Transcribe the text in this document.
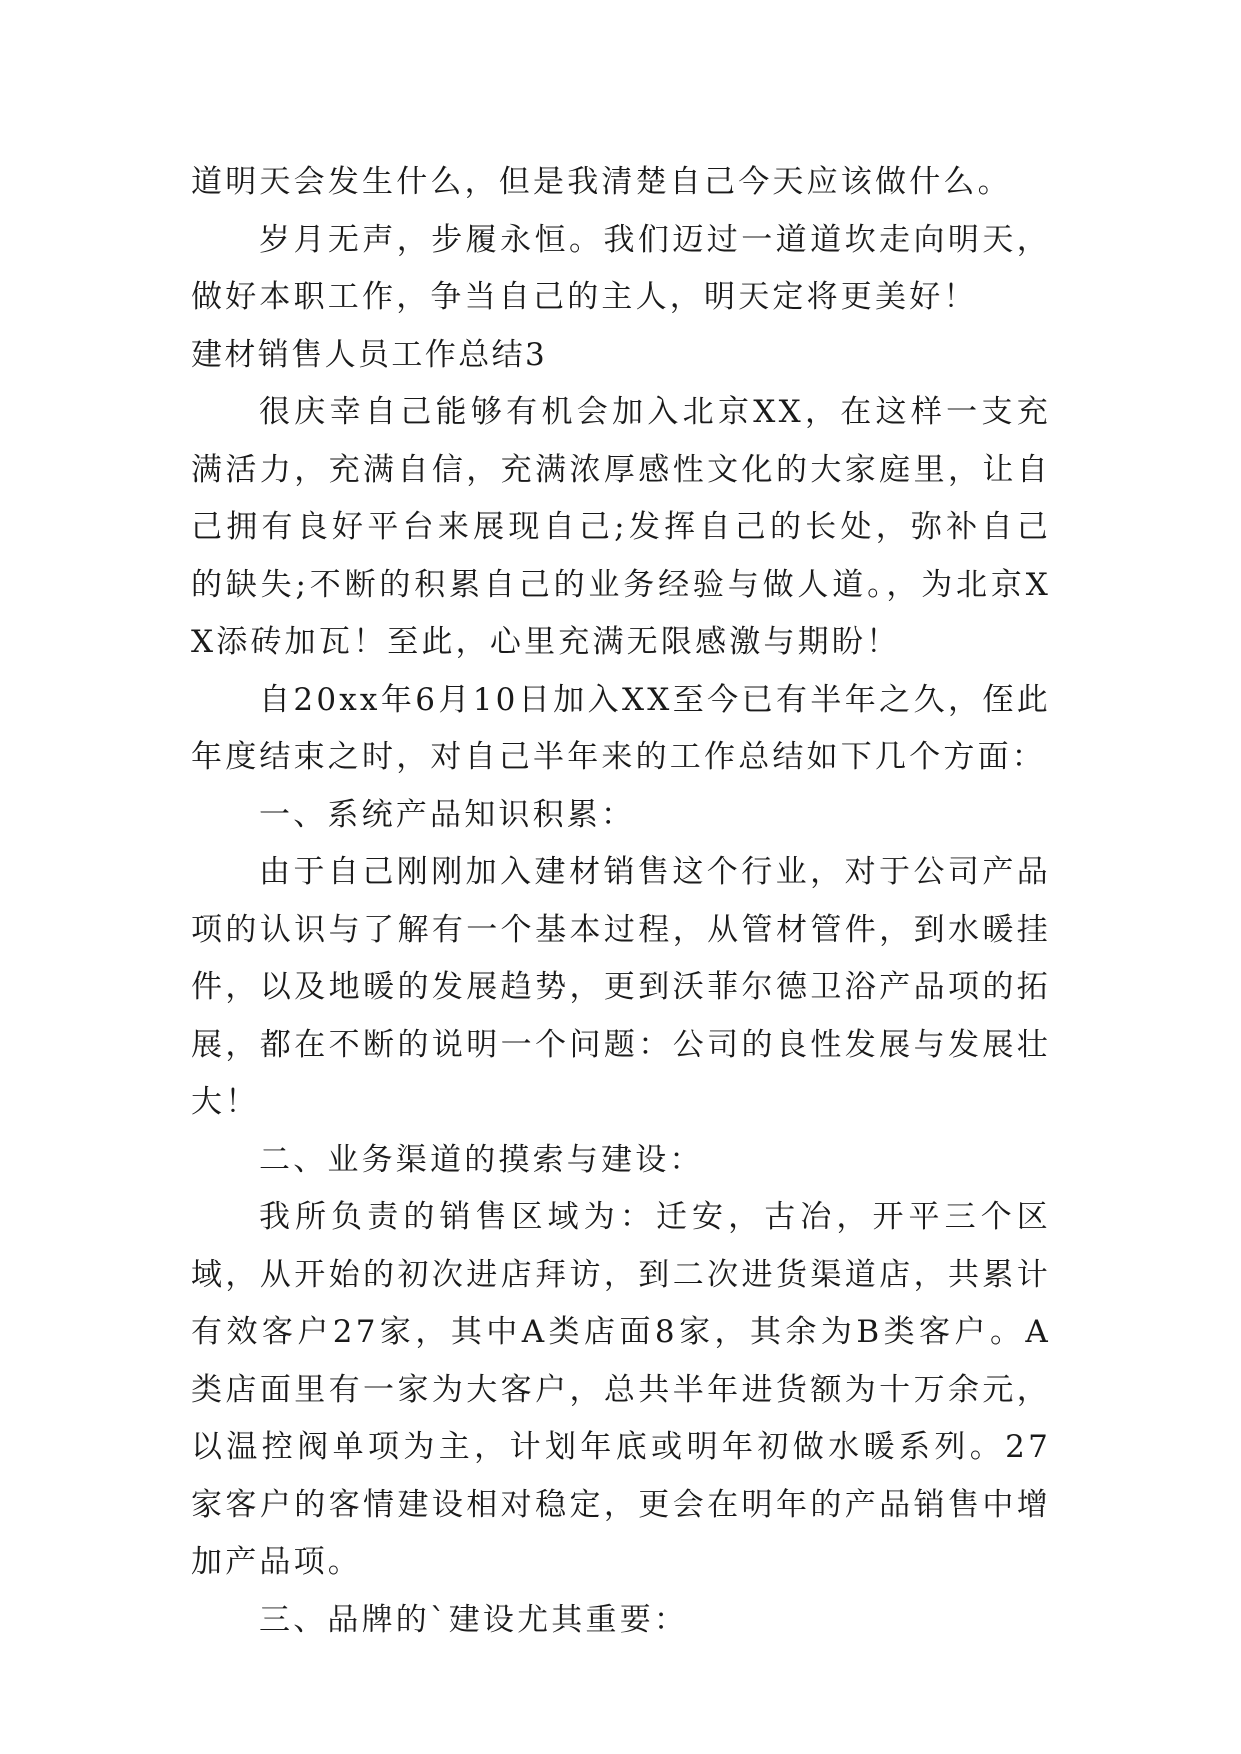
道明天会发生什么，但是我清楚自己今天应该做什么。

岁月无声，步履永恒。我们迈过一道道坎走向明天，做好本职工作，争当自己的主人，明天定将更美好！

建材销售人员工作总结3

很庆幸自己能够有机会加入北京XX，在这样一支充满活力，充满自信，充满浓厚感性文化的大家庭里，让自己拥有良好平台来展现自己;发挥自己的长处，弥补自己的缺失;不断的积累自己的业务经验与做人道。，为北京XX添砖加瓦！至此，心里充满无限感激与期盼！

自20xx年6月10日加入XX至今已有半年之久，侄此年度结束之时，对自己半年来的工作总结如下几个方面：

一、系统产品知识积累：

由于自己刚刚加入建材销售这个行业，对于公司产品项的认识与了解有一个基本过程，从管材管件，到水暖挂件，以及地暖的发展趋势，更到沃菲尔德卫浴产品项的拓展，都在不断的说明一个问题：公司的良性发展与发展壮大！

二、业务渠道的摸索与建设：

我所负责的销售区域为：迁安，古冶，开平三个区域，从开始的初次进店拜访，到二次进货渠道店，共累计有效客户27家，其中A类店面8家，其余为B类客户。A类店面里有一家为大客户，总共半年进货额为十万余元，以温控阀单项为主，计划年底或明年初做水暖系列。27家客户的客情建设相对稳定，更会在明年的产品销售中增加产品项。

三、品牌的`建设尤其重要：
